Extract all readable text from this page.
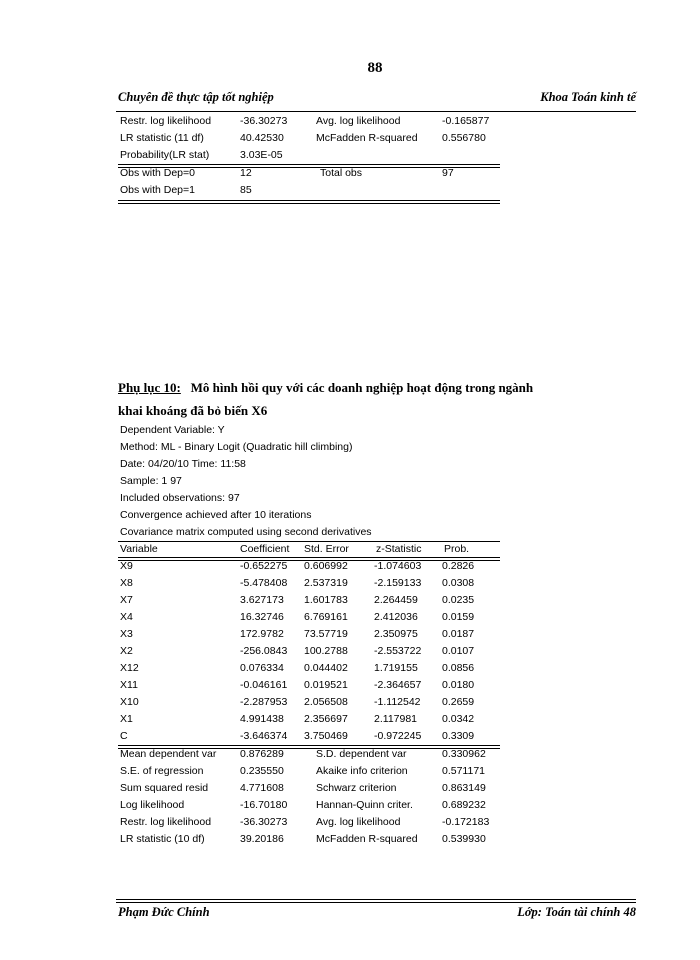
88
Chuyên đề thực tập tốt nghiệp	Khoa Toán kinh tế
Restr. log likelihood	-36.30273	Avg. log likelihood	-0.165877
LR statistic (11 df)	40.42530	McFadden R-squared 0.556780
Probability(LR stat)	3.03E-05
Obs with Dep=0	12	Total obs	97
Obs with Dep=1	85
Phụ lục 10: Mô hình hồi quy với các doanh nghiệp hoạt động trong ngành
khai khoáng đã bỏ biến X6
Dependent Variable: Y
Method: ML - Binary Logit (Quadratic hill climbing)
Date: 04/20/10 Time: 11:58
Sample: 1 97
Included observations: 97
Convergence achieved after 10 iterations
Covariance matrix computed using second derivatives
Variable	Coefficient Std. Error	z-Statistic Prob.
X9	-0.652275 0.606992 -1.074603 0.2826
X8	-5.478408 2.537319 -2.159133 0.0308
X7	3.627173 1.601783 2.264459 0.0235
X4	16.32746 6.769161 2.412036 0.0159
X3	172.9782 73.57719 2.350975 0.0187
X2	-256.0843 100.2788 -2.553722 0.0107
X12	0.076334 0.044402 1.719155 0.0856
X11	-0.046161 0.019521 -2.364657 0.0180
X10	-2.287953 2.056508 -1.112542 0.2659
X1	4.991438 2.356697 2.117981 0.0342
C	-3.646374 3.750469 -0.972245 0.3309
Mean dependent var 0.876289	S.D. dependent var	0.330962
S.E. of regression	0.235550	Akaike info criterion	0.571171
Sum squared resid	4.771608	Schwarz criterion	0.863149
Log likelihood	-16.70180	Hannan-Quinn criter.	0.689232
Restr. log likelihood	-36.30273	Avg. log likelihood	-0.172183
LR statistic (10 df)	39.20186	McFadden R-squared 0.539930
Phạm Đức Chính	Lớp: Toán tài chính 48
